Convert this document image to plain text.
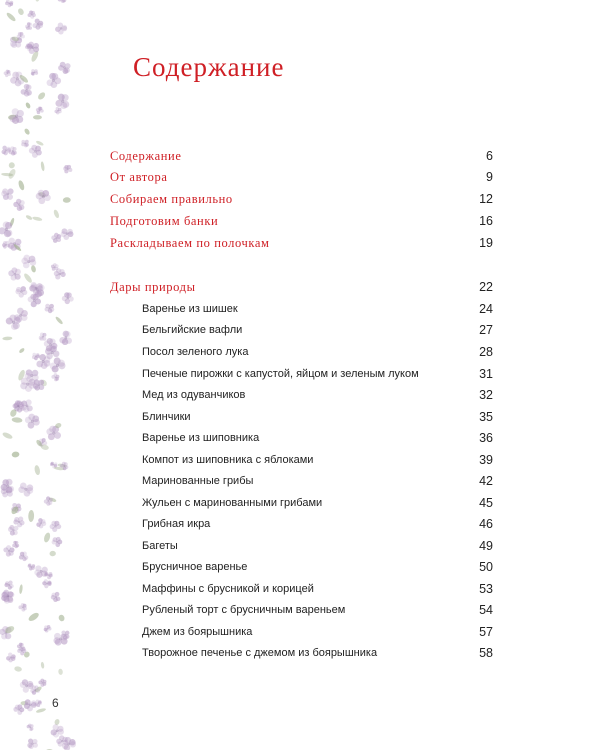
Содержание
Содержание	6
От автора	9
Собираем правильно	12
Подготовим банки	16
Раскладываем по полочкам	19
Дары природы	22
Варенье из шишек	24
Бельгийские вафли	27
Посол зеленого лука	28
Печеные пирожки с капустой, яйцом и зеленым луком	31
Мед из одуванчиков	32
Блинчики	35
Варенье из шиповника	36
Компот из шиповника с яблоками	39
Маринованные грибы	42
Жульен с маринованными грибами	45
Грибная икра	46
Багеты	49
Брусничное варенье	50
Маффины с брусникой и корицей	53
Рубленый торт с брусничным вареньем	54
Джем из боярышника	57
Творожное печенье с джемом из боярышника	58
6
